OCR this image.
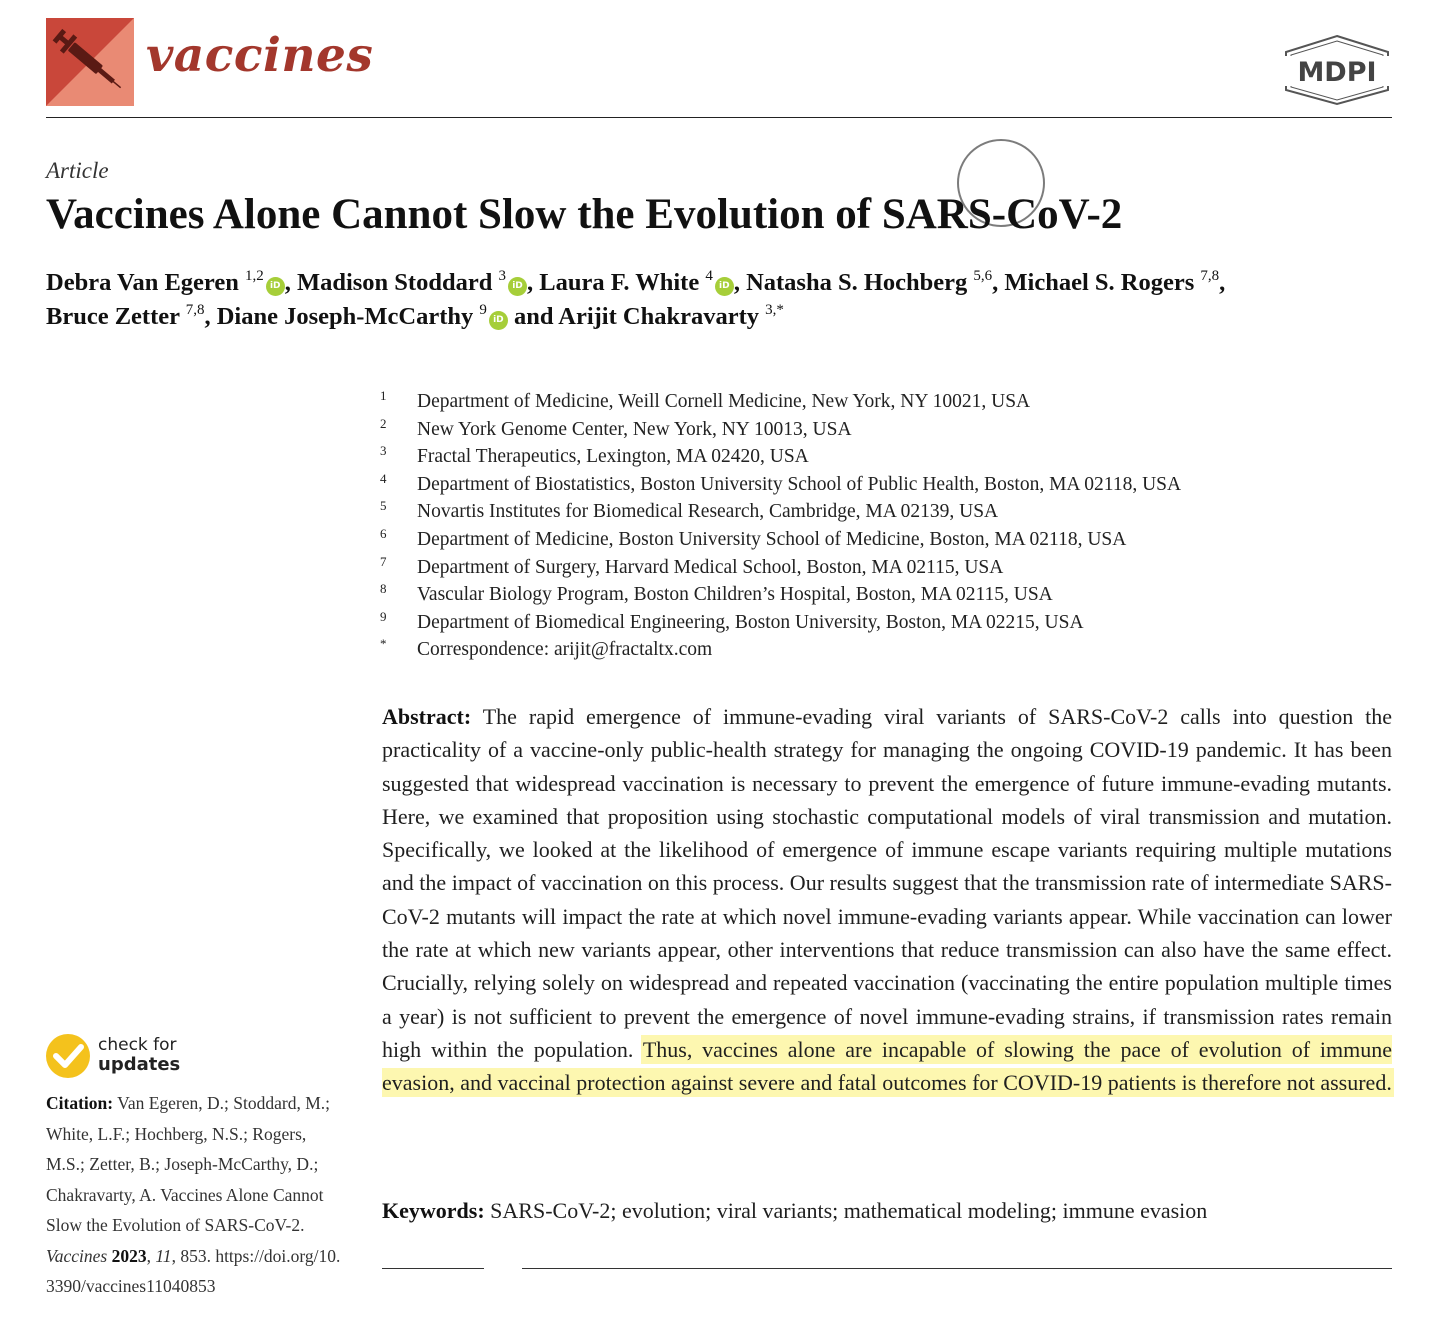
vaccines	MDPI
Article
Vaccines Alone Cannot Slow the Evolution of SARS-CoV-2
Debra Van Egeren $^{1,2}$iD , Madison Stoddard $^3$iD , Laura F. White $^4$iD , Natasha S. Hochberg $^{5,6}$, Michael S. Rogers $^{7,8}$,
Bruce Zetter $^{7,8}$, Diane Joseph-McCarthy $^9$iD and Arijit Chakravarty $^{3,*}$
1 Department of Medicine, Weill Cornell Medicine, New York, NY 10021, USA
2 New York Genome Center, New York, NY 10013, USA
3 Fractal Therapeutics, Lexington, MA 02420, USA
4 Department of Biostatistics, Boston University School of Public Health, Boston, MA 02118, USA
5 Novartis Institutes for Biomedical Research, Cambridge, MA 02139, USA
6 Department of Medicine, Boston University School of Medicine, Boston, MA 02118, USA
7 Department of Surgery, Harvard Medical School, Boston, MA 02115, USA
8 Vascular Biology Program, Boston Children’s Hospital, Boston, MA 02115, USA
9 Department of Biomedical Engineering, Boston University, Boston, MA 02215, USA
* Correspondence: arijit@fractaltx.com

Abstract: The rapid emergence of immune-evading viral variants of SARS-CoV-2 calls into question the practicality of a vaccine-only public-health strategy for managing the ongoing COVID-19 pandemic. It has been suggested that widespread vaccination is necessary to prevent the emergence of future immune-evading mutants. Here, we examined that proposition using stochastic computational models of viral transmission and mutation. Specifically, we looked at the likelihood of emergence of immune escape variants requiring multiple mutations and the impact of vaccination on this process. Our results suggest that the transmission rate of intermediate SARS-CoV-2 mutants will impact the rate at which novel immune-evading variants appear. While vaccination can lower the rate at which new variants appear, other interventions that reduce transmission can also have the same effect. Crucially, relying solely on widespread and repeated vaccination (vaccinating the entire population multiple times a year) is not sufficient to prevent the emergence of novel immune-evading strains, if transmission rates remain high within the population. Thus, vaccines alone are incapable of slowing the pace of evolution of immune evasion, and vaccinal protection against severe and fatal outcomes for COVID-19 patients is therefore not assured.

Keywords: SARS-CoV-2; evolution; viral variants; mathematical modeling; immune evasion

check for
updates
Citation: Van Egeren, D.; Stoddard, M.; White, L.F.; Hochberg, N.S.; Rogers, M.S.; Zetter, B.; Joseph-McCarthy, D.; Chakravarty, A. Vaccines Alone Cannot Slow the Evolution of SARS-CoV-2. Vaccines 2023, 11, 853. https://doi.org/10.3390/vaccines11040853
